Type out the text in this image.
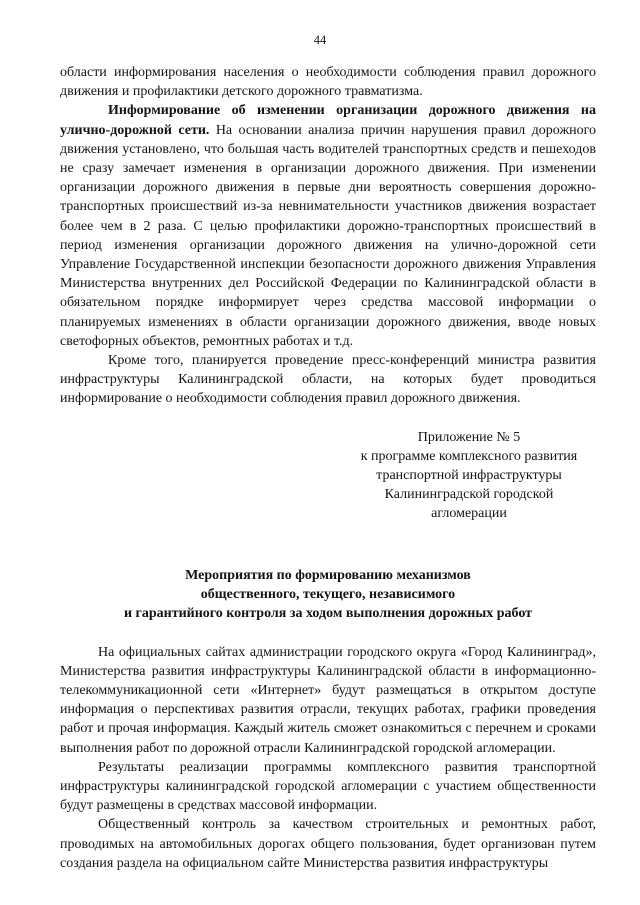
44

области информирования населения о необходимости соблюдения правил дорожного движения и профилактики детского дорожного травматизма.

Информирование об изменении организации дорожного движения на улично-дорожной сети. На основании анализа причин нарушения правил дорожного движения установлено, что большая часть водителей транспортных средств и пешеходов не сразу замечает изменения в организации дорожного движения. При изменении организации дорожного движения в первые дни вероятность совершения дорожно-транспортных происшествий из-за невнимательности участников движения возрастает более чем в 2 раза. С целью профилактики дорожно-транспортных происшествий в период изменения организации дорожного движения на улично-дорожной сети Управление Государственной инспекции безопасности дорожного движения Управления Министерства внутренних дел Российской Федерации по Калининградской области в обязательном порядке информирует через средства массовой информации о планируемых изменениях в области организации дорожного движения, вводе новых светофорных объектов, ремонтных работах и т.д.

Кроме того, планируется проведение пресс-конференций министра развития инфраструктуры Калининградской области, на которых будет проводиться информирование о необходимости соблюдения правил дорожного движения.

Приложение № 5
к программе комплексного развития
транспортной инфраструктуры
Калининградской городской
агломерации
Мероприятия по формированию механизмов
общественного, текущего, независимого
и гарантийного контроля за ходом выполнения дорожных работ

На официальных сайтах администрации городского округа «Город Калининград», Министерства развития инфраструктуры Калининградской области в информационно-телекоммуникационной сети «Интернет» будут размещаться в открытом доступе информация о перспективах развития отрасли, текущих работах, графики проведения работ и прочая информация. Каждый житель сможет ознакомиться с перечнем и сроками выполнения работ по дорожной отрасли Калининградской городской агломерации.

Результаты реализации программы комплексного развития транспортной инфраструктуры калининградской городской агломерации с участием общественности будут размещены в средствах массовой информации.

Общественный контроль за качеством строительных и ремонтных работ, проводимых на автомобильных дорогах общего пользования, будет организован путем создания раздела на официальном сайте Министерства развития инфраструктуры
